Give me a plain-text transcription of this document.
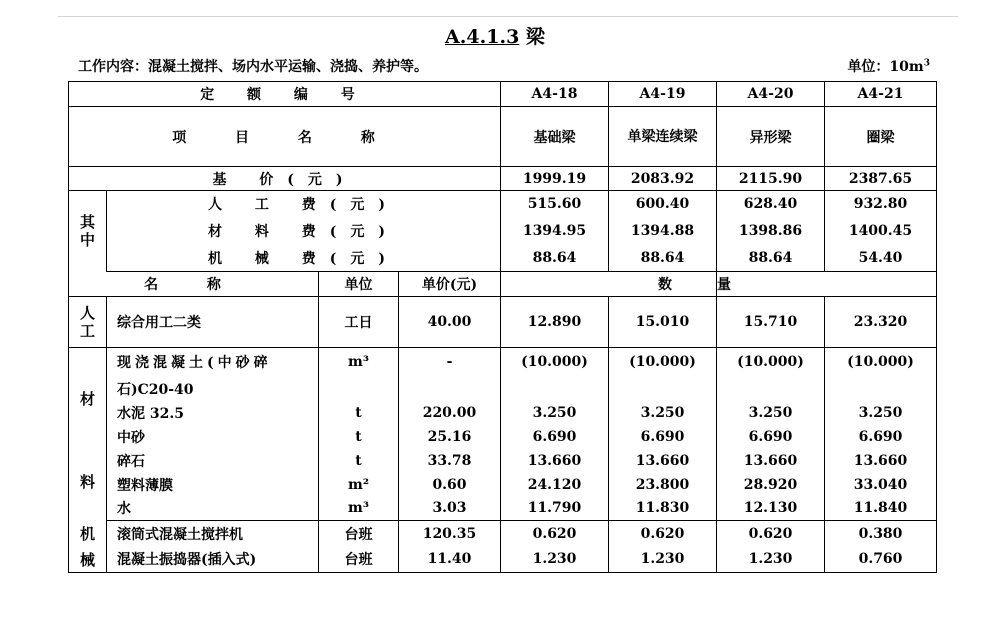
A.4.1.3 梁
工作内容：混凝土搅拌、场内水平运输、浇捣、养护等。	单位：$10m^3$
定 额 编 号				A4-18	A4-19	A4-20	A4-21
项 目 名 称				基础梁	单梁连续梁	异形梁	圈梁
基 价(元)				1999.19	2083.92	2115.90	2387.65
其
中	人 工 费(元)			515.60	600.40	628.40	932.80
	材 料 费(元)			1394.95	1394.88	1398.86	1400.45
	机 械 费(元)			88.64	88.64	88.64	54.40
名 称		单位	单价(元)	数		量	
人
工	综合用工二类	工日	40.00	12.890	15.010	15.710	23.320

材
料	现浇混凝土(中砂碎	m³	-	(10.000)	(10.000)	(10.000)	(10.000)
	石)C20-40						
	水泥 32.5	t	220.00	3.250	3.250	3.250	3.250
	中砂	t	25.16	6.690	6.690	6.690	6.690
	碎石	t	33.78	13.660	13.660	13.660	13.660
	塑料薄膜	m²	0.60	24.120	23.800	28.920	33.040
	水	m³	3.03	11.790	11.830	12.130	11.840
机	滚筒式混凝土搅拌机	台班	120.35	0.620	0.620	0.620	0.380
械	混凝土振捣器(插入式)	台班	11.40	1.230	1.230	1.230	0.760
